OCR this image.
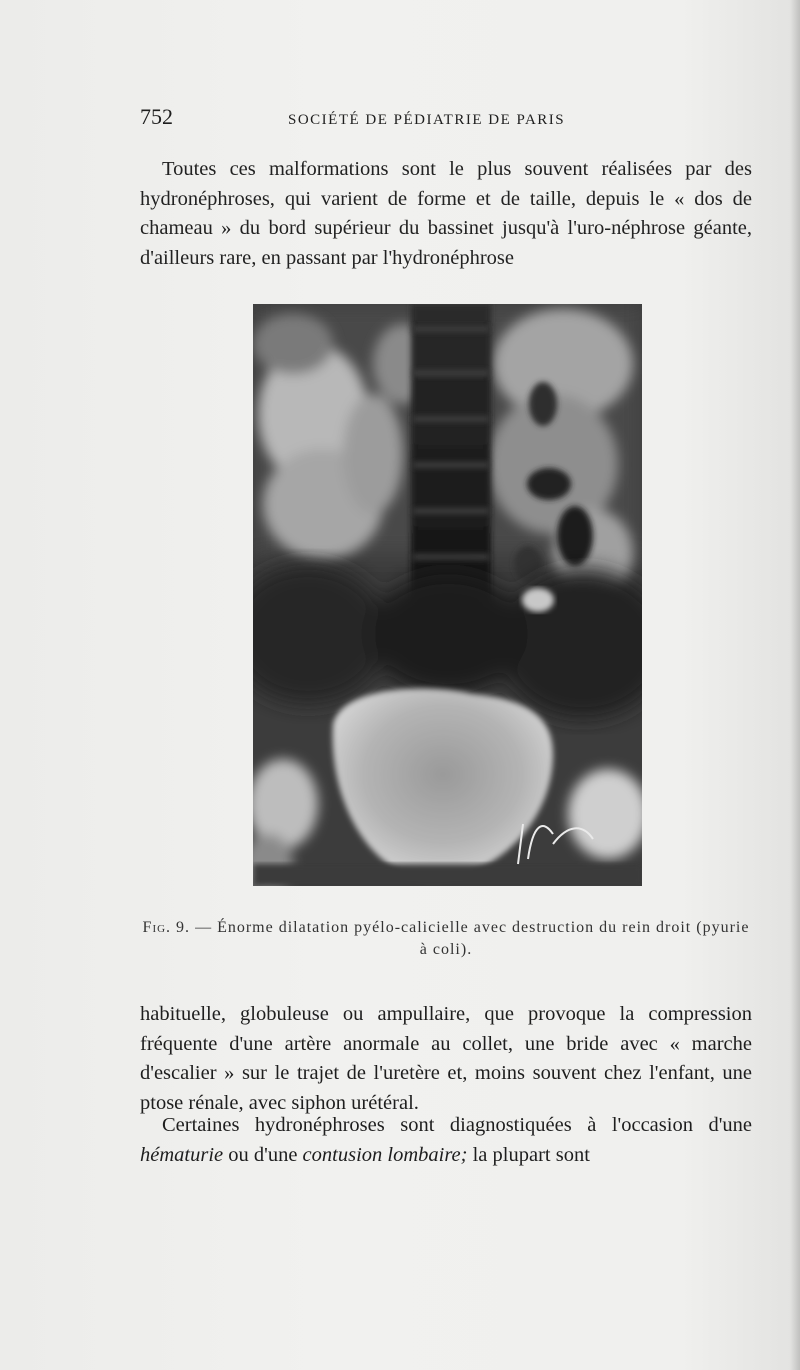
752	SOCIÉTÉ DE PÉDIATRIE DE PARIS

Toutes ces malformations sont le plus souvent réalisées par des hydronéphroses, qui varient de forme et de taille, depuis le « dos de chameau » du bord supérieur du bassinet jusqu'à l'uro-néphrose géante, d'ailleurs rare, en passant par l'hydronéphrose

Fig. 9. — Énorme dilatation pyélo-calicielle avec destruction du rein droit (pyurie à coli).

habituelle, globuleuse ou ampullaire, que provoque la compression fréquente d'une artère anormale au collet, une bride avec « marche d'escalier » sur le trajet de l'uretère et, moins souvent chez l'enfant, une ptose rénale, avec siphon urétéral.

Certaines hydronéphroses sont diagnostiquées à l'occasion d'une hématurie ou d'une contusion lombaire; la plupart sont
